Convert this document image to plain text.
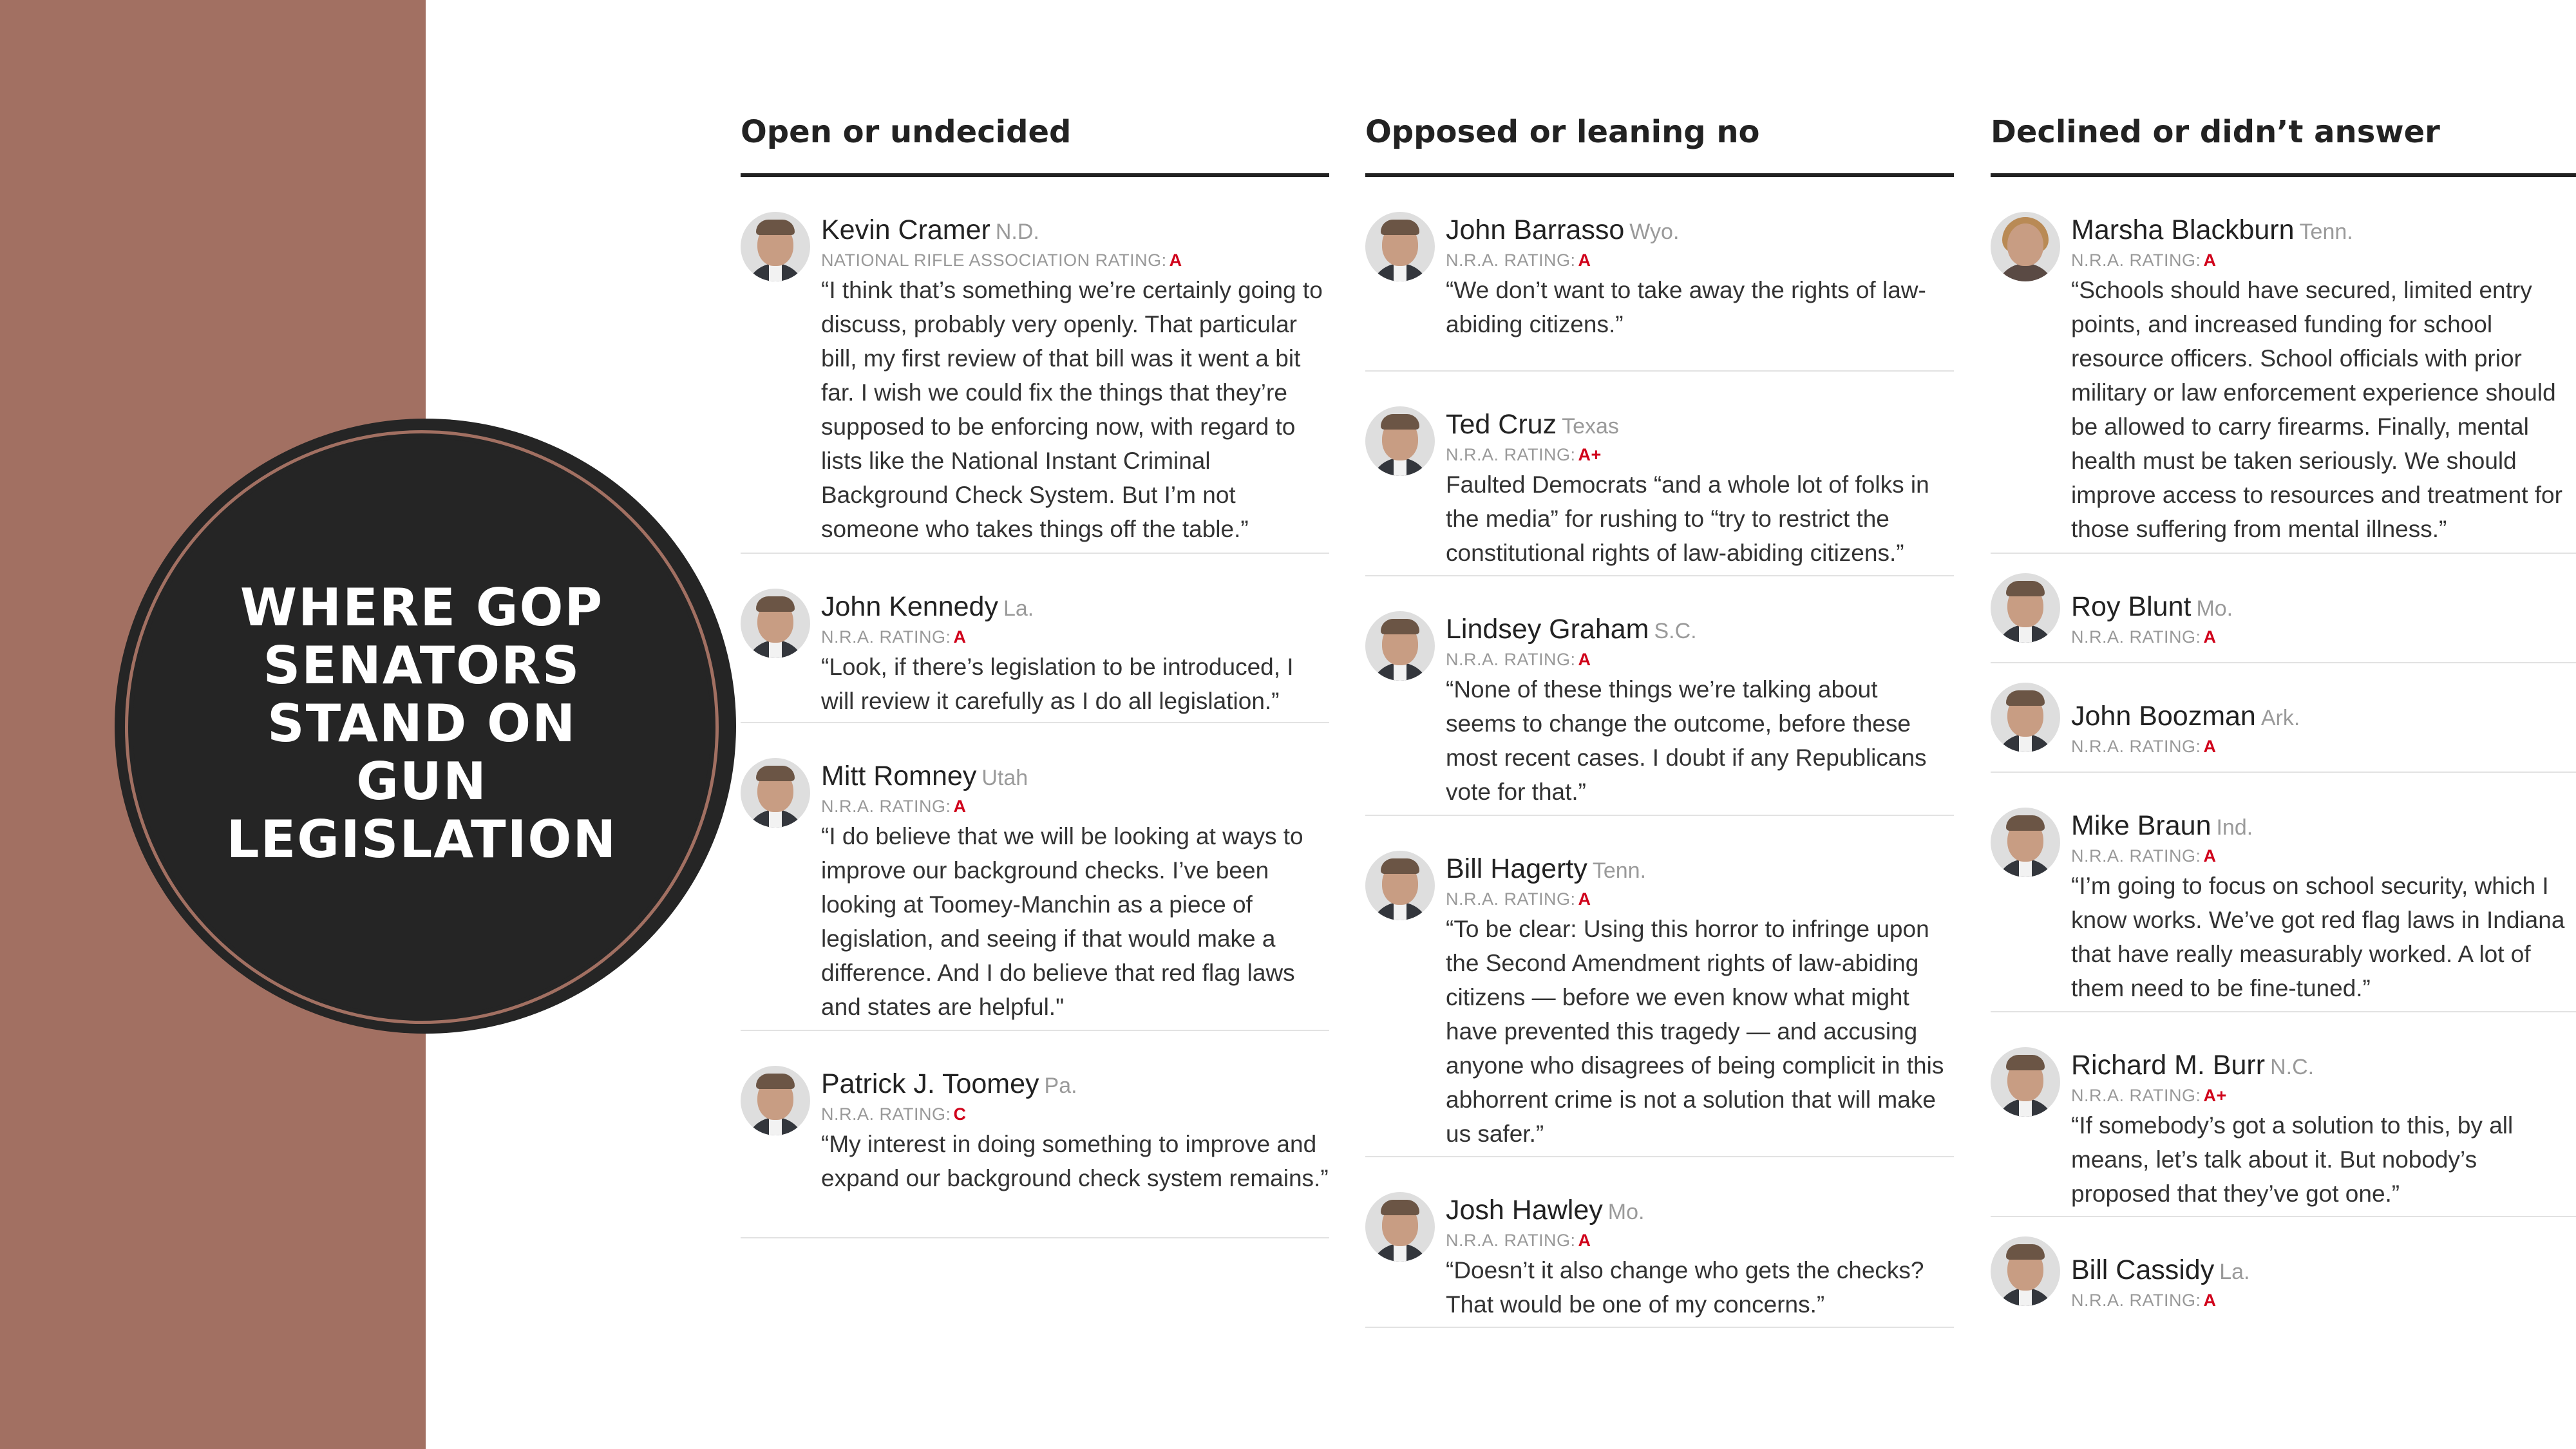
WHERE GOP SENATORS STAND ON GUN LEGISLATION
Open or undecided
Kevin Cramer N.D.
NATIONAL RIFLE ASSOCIATION RATING: A
“I think that’s something we’re certainly going to discuss, probably very openly. That particular bill, my first review of that bill was it went a bit far. I wish we could fix the things that they’re supposed to be enforcing now, with regard to lists like the National Instant Criminal Background Check System. But I’m not someone who takes things off the table.”
John Kennedy La.
N.R.A. RATING: A
“Look, if there’s legislation to be introduced, I will review it carefully as I do all legislation.”
Mitt Romney Utah
N.R.A. RATING: A
“I do believe that we will be looking at ways to improve our background checks. I’ve been looking at Toomey-Manchin as a piece of legislation, and seeing if that would make a difference. And I do believe that red flag laws and states are helpful."
Patrick J. Toomey Pa.
N.R.A. RATING: C
“My interest in doing something to improve and expand our background check system remains.”
Opposed or leaning no
John Barrasso Wyo.
N.R.A. RATING: A
“We don’t want to take away the rights of law-abiding citizens.”
Ted Cruz Texas
N.R.A. RATING: A+
Faulted Democrats “and a whole lot of folks in the media” for rushing to “try to restrict the constitutional rights of law-abiding citizens.”
Lindsey Graham S.C.
N.R.A. RATING: A
“None of these things we’re talking about seems to change the outcome, before these most recent cases. I doubt if any Republicans vote for that.”
Bill Hagerty Tenn.
N.R.A. RATING: A
“To be clear: Using this horror to infringe upon the Second Amendment rights of law-abiding citizens — before we even know what might have prevented this tragedy — and accusing anyone who disagrees of being complicit in this abhorrent crime is not a solution that will make us safer.”
Josh Hawley Mo.
N.R.A. RATING: A
“Doesn’t it also change who gets the checks? That would be one of my concerns.”
Declined or didn’t answer
Marsha Blackburn Tenn.
N.R.A. RATING: A
“Schools should have secured, limited entry points, and increased funding for school resource officers. School officials with prior military or law enforcement experience should be allowed to carry firearms. Finally, mental health must be taken seriously. We should improve access to resources and treatment for those suffering from mental illness.”
Roy Blunt Mo.
N.R.A. RATING: A
John Boozman Ark.
N.R.A. RATING: A
Mike Braun Ind.
N.R.A. RATING: A
“I’m going to focus on school security, which I know works. We’ve got red flag laws in Indiana that have really measurably worked. A lot of them need to be fine-tuned.”
Richard M. Burr N.C.
N.R.A. RATING: A+
“If somebody’s got a solution to this, by all means, let’s talk about it. But nobody’s proposed that they’ve got one.”
Bill Cassidy La.
N.R.A. RATING: A
